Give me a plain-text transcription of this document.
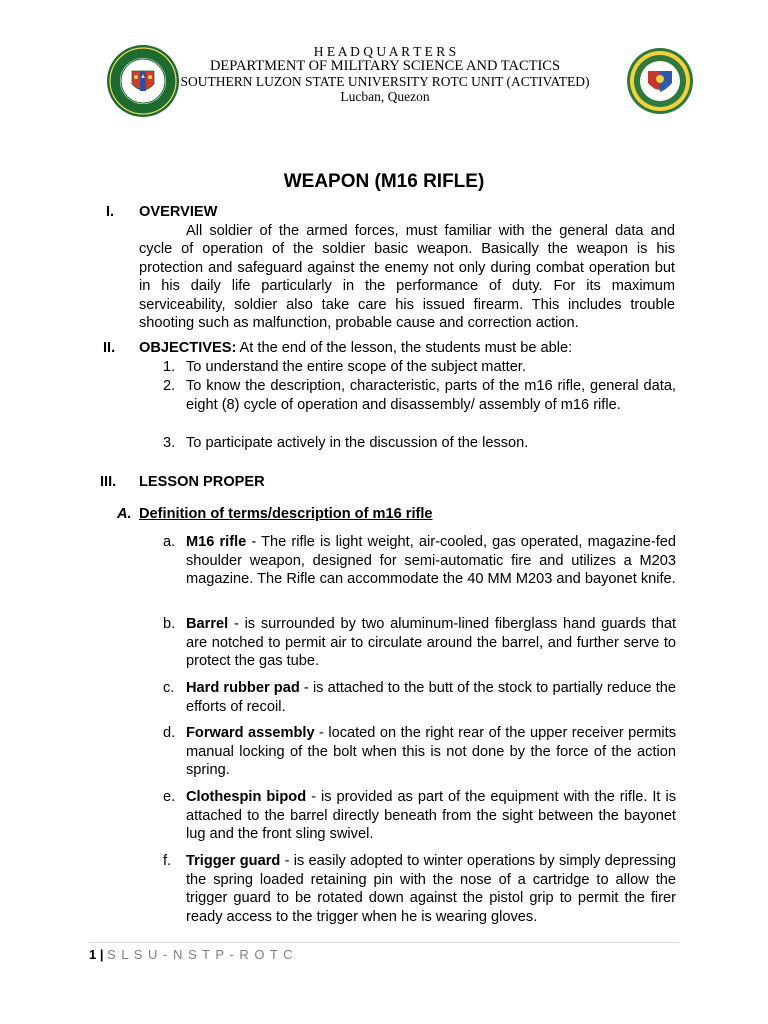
H E A D Q U A R T E R S
DEPARTMENT OF MILITARY SCIENCE AND TACTICS
SOUTHERN LUZON STATE UNIVERSITY ROTC UNIT (ACTIVATED)
Lucban, Quezon
WEAPON (M16 RIFLE)
I. OVERVIEW
All soldier of the armed forces, must familiar with the general data and cycle of operation of the soldier basic weapon. Basically the weapon is his protection and safeguard against the enemy not only during combat operation but in his daily life particularly in the performance of duty. For its maximum serviceability, soldier also take care his issued firearm. This includes trouble shooting such as malfunction, probable cause and correction action.
II. OBJECTIVES: At the end of the lesson, the students must be able:
1. To understand the entire scope of the subject matter.
2. To know the description, characteristic, parts of the m16 rifle, general data, eight (8) cycle of operation and disassembly/ assembly of m16 rifle.
3. To participate actively in the discussion of the lesson.
III. LESSON PROPER
A. Definition of terms/description of m16 rifle
a. M16 rifle - The rifle is light weight, air-cooled, gas operated, magazine-fed shoulder weapon, designed for semi-automatic fire and utilizes a M203 magazine. The Rifle can accommodate the 40 MM M203 and bayonet knife.
b. Barrel - is surrounded by two aluminum-lined fiberglass hand guards that are notched to permit air to circulate around the barrel, and further serve to protect the gas tube.
c. Hard rubber pad - is attached to the butt of the stock to partially reduce the efforts of recoil.
d. Forward assembly - located on the right rear of the upper receiver permits manual locking of the bolt when this is not done by the force of the action spring.
e. Clothespin bipod - is provided as part of the equipment with the rifle. It is attached to the barrel directly beneath from the sight between the bayonet lug and the front sling swivel.
f. Trigger guard - is easily adopted to winter operations by simply depressing the spring loaded retaining pin with the nose of a cartridge to allow the trigger guard to be rotated down against the pistol grip to permit the firer ready access to the trigger when he is wearing gloves.
1 | S L S U - N S T P - R O T C
